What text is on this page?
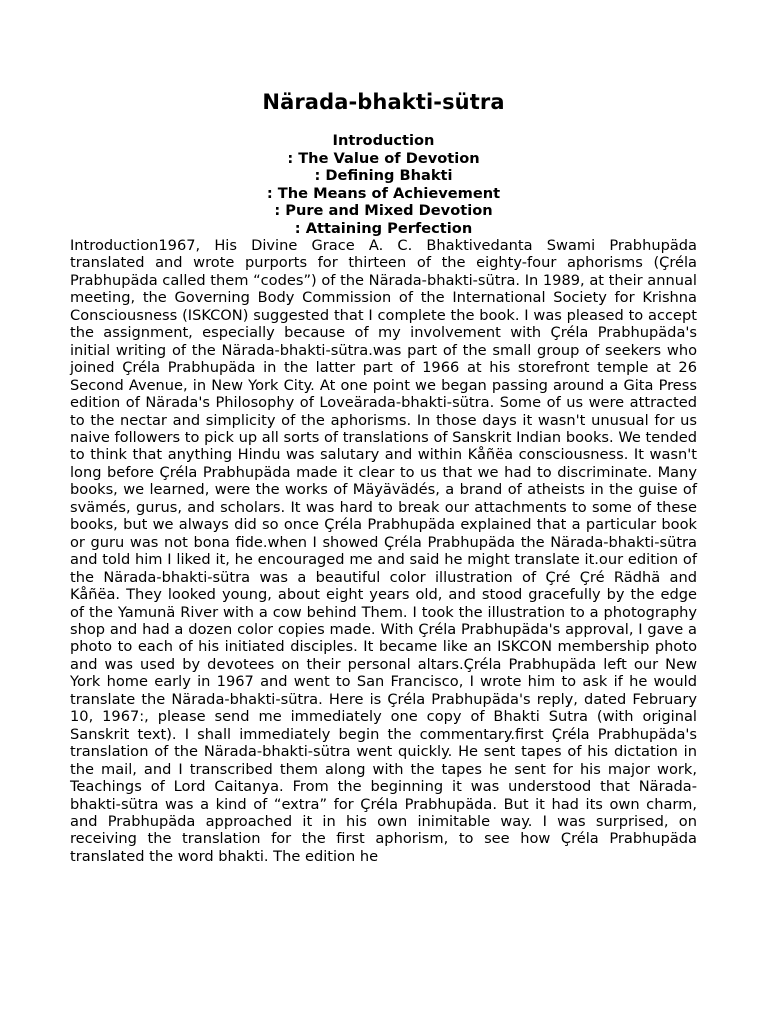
Närada-bhakti-sütra
Introduction
: The Value of Devotion
: Defining Bhakti
: The Means of Achievement
: Pure and Mixed Devotion
: Attaining Perfection

Introduction1967, His Divine Grace A. C. Bhaktivedanta Swami Prabhupäda translated and wrote purports for thirteen of the eighty-four aphorisms (Çréla Prabhupäda called them “codes”) of the Närada-bhakti-sütra. In 1989, at their annual meeting, the Governing Body Commission of the International Society for Krishna Consciousness (ISKCON) suggested that I complete the book. I was pleased to accept the assignment, especially because of my involvement with Çréla Prabhupäda's initial writing of the Närada-bhakti-sütra.was part of the small group of seekers who joined Çréla Prabhupäda in the latter part of 1966 at his storefront temple at 26 Second Avenue, in New York City. At one point we began passing around a Gita Press edition of Närada's Philosophy of Loveärada-bhakti-sütra. Some of us were attracted to the nectar and simplicity of the aphorisms. In those days it wasn't unusual for us naive followers to pick up all sorts of translations of Sanskrit Indian books. We tended to think that anything Hindu was salutary and within Kåñëa consciousness. It wasn't long before Çréla Prabhupäda made it clear to us that we had to discriminate. Many books, we learned, were the works of Mäyävädés, a brand of atheists in the guise of svämés, gurus, and scholars. It was hard to break our attachments to some of these books, but we always did so once Çréla Prabhupäda explained that a particular book or guru was not bona fide.when I showed Çréla Prabhupäda the Närada-bhakti-sütra and told him I liked it, he encouraged me and said he might translate it.our edition of the Närada-bhakti-sütra was a beautiful color illustration of Çré Çré Rädhä and Kåñëa. They looked young, about eight years old, and stood gracefully by the edge of the Yamunä River with a cow behind Them. I took the illustration to a photography shop and had a dozen color copies made. With Çréla Prabhupäda's approval, I gave a photo to each of his initiated disciples. It became like an ISKCON membership photo and was used by devotees on their personal altars.Çréla Prabhupäda left our New York home early in 1967 and went to San Francisco, I wrote him to ask if he would translate the Närada-bhakti-sütra. Here is Çréla Prabhupäda's reply, dated February 10, 1967:, please send me immediately one copy of Bhakti Sutra (with original Sanskrit text). I shall immediately begin the commentary.first Çréla Prabhupäda's translation of the Närada-bhakti-sütra went quickly. He sent tapes of his dictation in the mail, and I transcribed them along with the tapes he sent for his major work, Teachings of Lord Caitanya. From the beginning it was understood that Närada-bhakti-sütra was a kind of “extra” for Çréla Prabhupäda. But it had its own charm, and Prabhupäda approached it in his own inimitable way. I was surprised, on receiving the translation for the first aphorism, to see how Çréla Prabhupäda translated the word bhakti. The edition he
